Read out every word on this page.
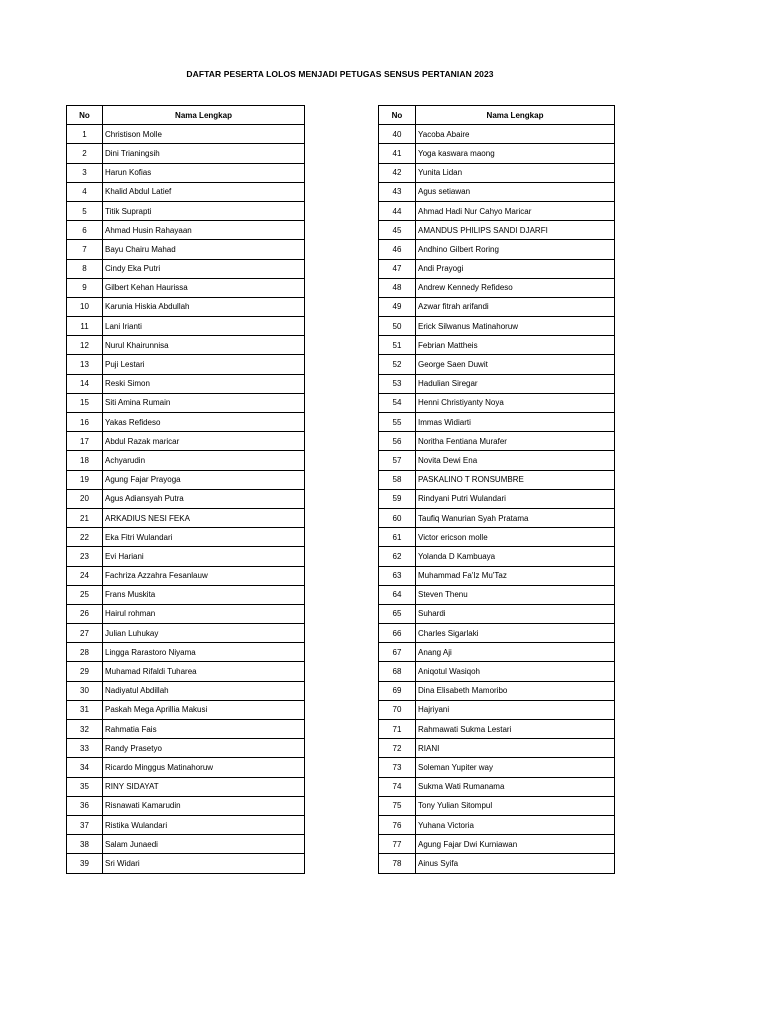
DAFTAR PESERTA LOLOS MENJADI PETUGAS SENSUS PERTANIAN 2023
No	Nama Lengkap
1	Christison Molle
2	Dini Trianingsih
3	Harun Kofias
4	Khalid Abdul Latief
5	Titik Suprapti
6	Ahmad Husin Rahayaan
7	Bayu Chairu Mahad
8	Cindy Eka Putri
9	Gilbert Kehan Haurissa
10	Karunia Hiskia Abdullah
11	Lani Irianti
12	Nurul Khairunnisa
13	Puji Lestari
14	Reski Simon
15	Siti Amina Rumain
16	Yakas Refideso
17	Abdul Razak maricar
18	Achyarudin
19	Agung Fajar Prayoga
20	Agus Adiansyah Putra
21	ARKADIUS NESI FEKA
22	Eka Fitri Wulandari
23	Evi Hariani
24	Fachriza Azzahra Fesanlauw
25	Frans Muskita
26	Hairul rohman
27	Julian Luhukay
28	Lingga Rarastoro Niyama
29	Muhamad Rifaldi Tuharea
30	Nadiyatul Abdillah
31	Paskah Mega Aprillia Makusi
32	Rahmatia Fais
33	Randy Prasetyo
34	Ricardo Minggus Matinahoruw
35	RINY SIDAYAT
36	Risnawati Kamarudin
37	Ristika Wulandari
38	Salam Junaedi
39	Sri Widari
No	Nama Lengkap
40	Yacoba Abaire
41	Yoga kaswara maong
42	Yunita Lidan
43	Agus setiawan
44	Ahmad Hadi Nur Cahyo Maricar
45	AMANDUS PHILIPS SANDI DJARFI
46	Andhino Gilbert Roring
47	Andi Prayogi
48	Andrew Kennedy Refideso
49	Azwar fitrah arifandi
50	Erick Silwanus Matinahoruw
51	Febrian Mattheis
52	George Saen Duwit
53	Hadulian Siregar
54	Henni Christiyanty Noya
55	Immas Widiarti
56	Noritha Fentiana Murafer
57	Novita Dewi Ena
58	PASKALINO T RONSUMBRE
59	Rindyani Putri Wulandari
60	Taufiq Wanurian Syah Pratama
61	Victor ericson molle
62	Yolanda D Kambuaya
63	Muhammad Fa'Iz Mu'Taz
64	Steven Thenu
65	Suhardi
66	Charles Sigarlaki
67	Anang Aji
68	Aniqotul Wasiqoh
69	Dina Elisabeth Mamoribo
70	Hajriyani
71	Rahmawati Sukma Lestari
72	RIANI
73	Soleman Yupiter way
74	Sukma Wati Rumanama
75	Tony Yulian Sitompul
76	Yuhana Victoria
77	Agung Fajar Dwi Kurniawan
78	Ainus Syifa
